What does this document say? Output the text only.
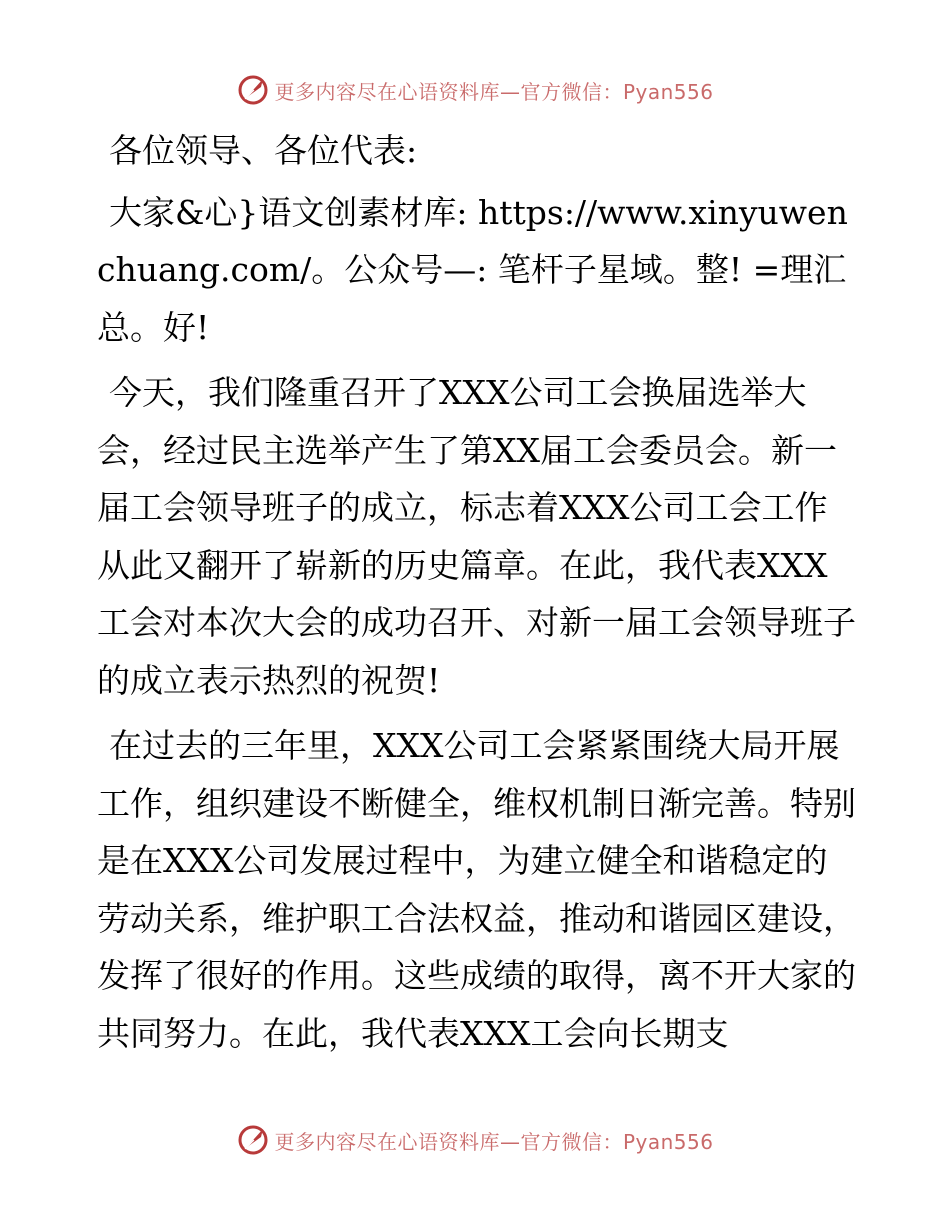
更多内容尽在心语资料库—官方微信：Pyan556

各位领导、各位代表:

大家&心}语文创素材库: https://www.xinyuwenchuang.com/。公众号—: 笔杆子星域。整! =理汇总。好!

今天，我们隆重召开了XXX公司工会换届选举大会，经过民主选举产生了第XX届工会委员会。新一届工会领导班子的成立，标志着XXX公司工会工作从此又翻开了崭新的历史篇章。在此，我代表XXX工会对本次大会的成功召开、对新一届工会领导班子的成立表示热烈的祝贺!

在过去的三年里，XXX公司工会紧紧围绕大局开展工作，组织建设不断健全，维权机制日渐完善。特别是在XXX公司发展过程中，为建立健全和谐稳定的劳动关系，维护职工合法权益，推动和谐园区建设，发挥了很好的作用。这些成绩的取得，离不开大家的共同努力。在此，我代表XXX工会向长期支

更多内容尽在心语资料库—官方微信：Pyan556
